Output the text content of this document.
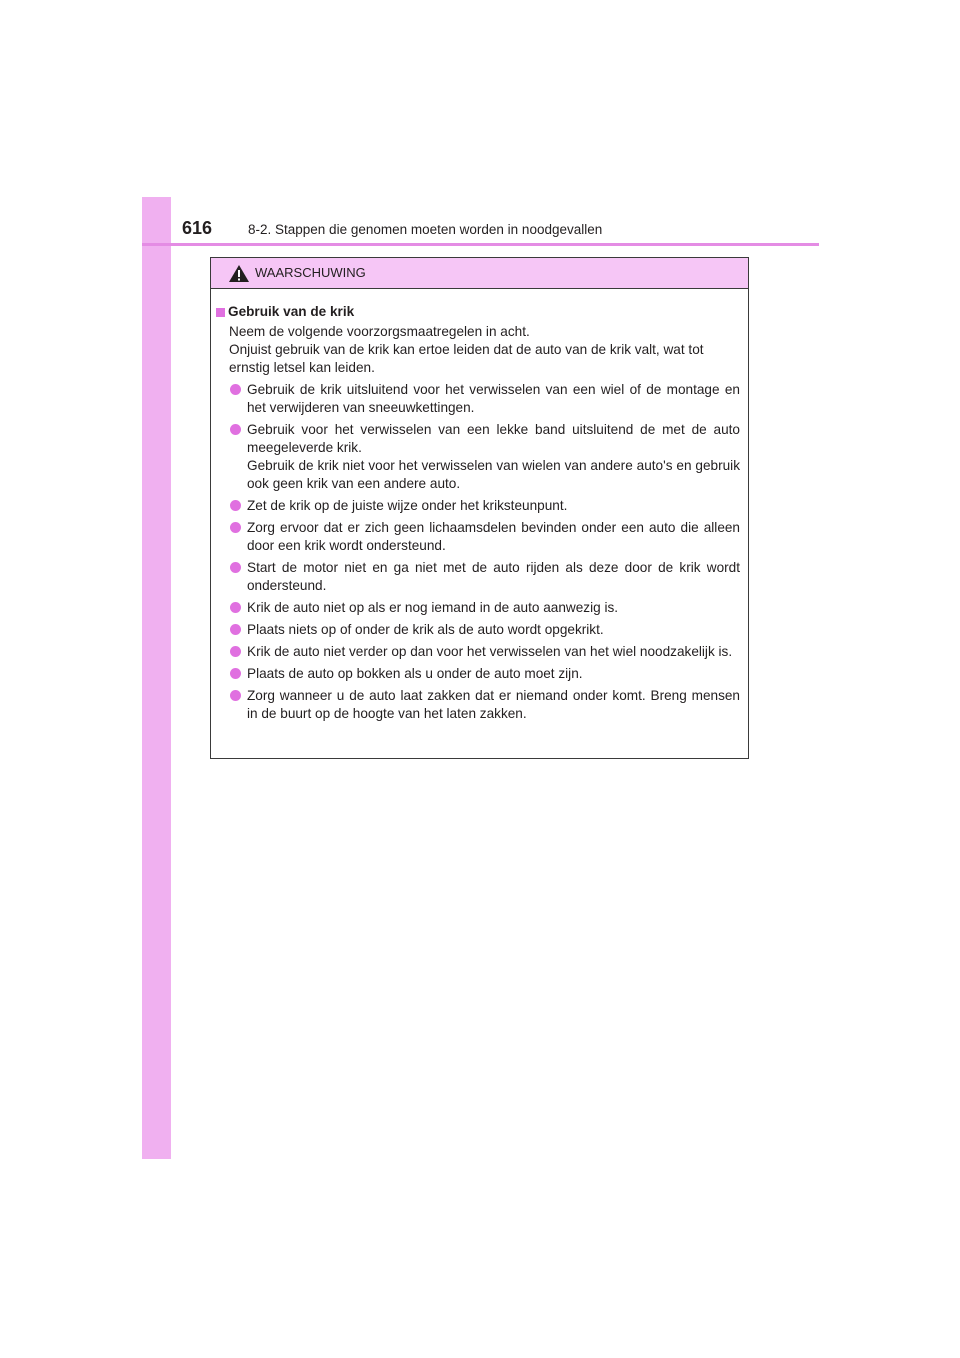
616	8-2. Stappen die genomen moeten worden in noodgevallen
WAARSCHUWING
Gebruik van de krik

Neem de volgende voorzorgsmaatregelen in acht.

Onjuist gebruik van de krik kan ertoe leiden dat de auto van de krik valt, wat tot ernstig letsel kan leiden.

Gebruik de krik uitsluitend voor het verwisselen van een wiel of de montage en het verwijderen van sneeuwkettingen.

Gebruik voor het verwisselen van een lekke band uitsluitend de met de auto meegeleverde krik.

Gebruik de krik niet voor het verwisselen van wielen van andere auto's en gebruik ook geen krik van een andere auto.

Zet de krik op de juiste wijze onder het kriksteunpunt.

Zorg ervoor dat er zich geen lichaamsdelen bevinden onder een auto die alleen door een krik wordt ondersteund.

Start de motor niet en ga niet met de auto rijden als deze door de krik wordt ondersteund.

Krik de auto niet op als er nog iemand in de auto aanwezig is.

Plaats niets op of onder de krik als de auto wordt opgekrikt.

Krik de auto niet verder op dan voor het verwisselen van het wiel noodzakelijk is.

Plaats de auto op bokken als u onder de auto moet zijn.

Zorg wanneer u de auto laat zakken dat er niemand onder komt. Breng mensen in de buurt op de hoogte van het laten zakken.
